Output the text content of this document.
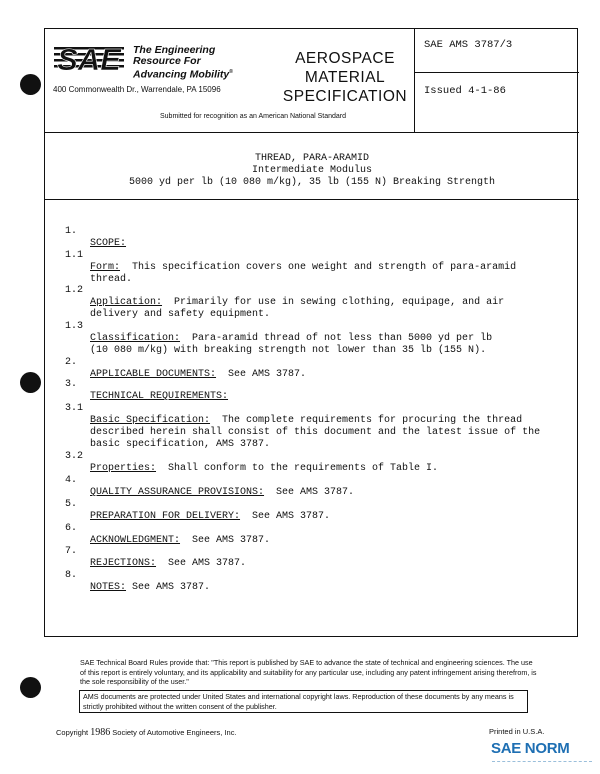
SAE The Engineering
Resource For
Advancing Mobility®
400 Commonwealth Dr., Warrendale, PA 15096
AEROSPACE
MATERIAL
SPECIFICATION
Submitted for recognition as an American National Standard
SAE AMS 3787/3
Issued 4-1-86
THREAD, PARA-ARAMID
Intermediate Modulus
5000 yd per lb (10 080 m/kg), 35 lb (155 N) Breaking Strength

1.

SCOPE:

1.1

Form:  This specification covers one weight and strength of para-aramid
thread.

1.2

Application:  Primarily for use in sewing clothing, equipage, and air
delivery and safety equipment.

1.3

Classification:  Para-aramid thread of not less than 5000 yd per lb
(10 080 m/kg) with breaking strength not lower than 35 lb (155 N).

2.

APPLICABLE DOCUMENTS:  See AMS 3787.

3.

TECHNICAL REQUIREMENTS:

3.1

Basic Specification:  The complete requirements for procuring the thread
described herein shall consist of this document and the latest issue of the
basic specification, AMS 3787.

3.2

Properties:  Shall conform to the requirements of Table I.

4.

QUALITY ASSURANCE PROVISIONS:  See AMS 3787.

5.

PREPARATION FOR DELIVERY:  See AMS 3787.

6.

ACKNOWLEDGMENT:  See AMS 3787.

7.

REJECTIONS:  See AMS 3787.

8.

NOTES: See AMS 3787.

SAE Technical Board Rules provide that: "This report is published by SAE to advance the state of technical and engineering sciences. The use of this report is entirely voluntary, and its applicability and suitability for any particular use, including any patent infringement arising therefrom, is the sole responsibility of the user."
AMS documents are protected under United States and international copyright laws. Reproduction of these documents by any means is strictly prohibited without the written consent of the publisher.
Copyright 1986 Society of Automotive Engineers, Inc.	Printed in U.S.A.
SAE NORM
